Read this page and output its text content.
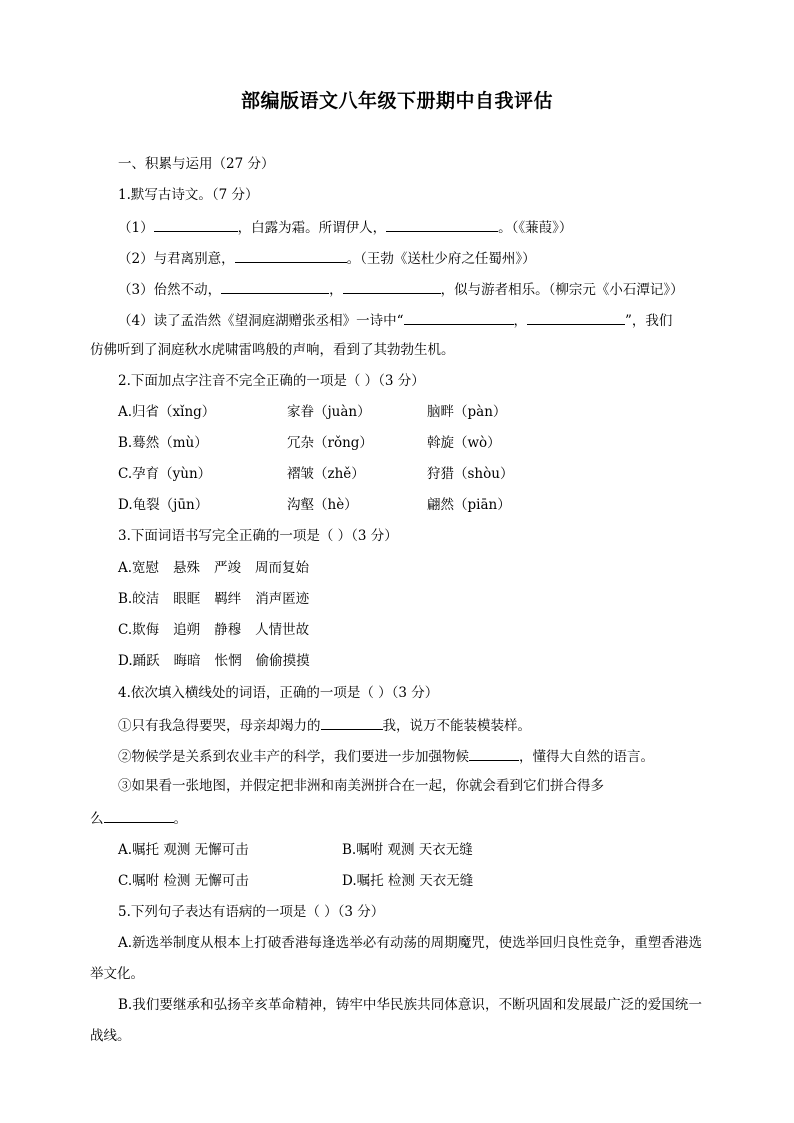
部编版语文八年级下册期中自我评估
一、积累与运用（27 分）
1.默写古诗文。（7 分）
（1）	，白露为霜。所谓伊人，	。（《蒹葭》）
（2）与君离别意，	。（王勃《送杜少府之任蜀州》）
（3）佁然不动，	，	，似与游者相乐。（柳宗元《小石潭记》）
（4）读了孟浩然《望洞庭湖赠张丞相》一诗中“	，	”，我们
仿佛听到了洞庭秋水虎啸雷鸣般的声响，看到了其勃勃生机。
2.下面加点字注音不完全正确的一项是（ ）（3 分）
A.归省（xǐng）	家眷（juàn）	脑畔（pàn）
B.蓦然（mù）	冗杂（rǒng）	斡旋（wò）
C.孕育（yùn）	褶皱（zhě）	狩猎（shòu）
D.龟裂（jūn）	沟壑（hè）	翩然（piān）
3.下面词语书写完全正确的一项是（ ）（3 分）
A.宽慰 悬殊 严竣 周而复始
B.皎洁 眼眶 羁绊 消声匿迹
C.欺侮 追朔 静穆 人情世故
D.踊跃 晦暗 怅惘 偷偷摸摸
4.依次填入横线处的词语，正确的一项是（ ）（3 分）
①只有我急得要哭，母亲却竭力的	我，说万不能装模装样。
②物候学是关系到农业丰产的科学，我们要进一步加强物候	，懂得大自然的语言。
③如果看一张地图，并假定把非洲和南美洲拼合在一起，你就会看到它们拼合得多
么	。
A.嘱托 观测 无懈可击	B.嘱咐 观测 天衣无缝
C.嘱咐 检测 无懈可击	D.嘱托 检测 天衣无缝
5.下列句子表达有语病的一项是（ ）（3 分）
A.新选举制度从根本上打破香港每逢选举必有动荡的周期魔咒，使选举回归良性竞争，重塑香港选举文化。
B.我们要继承和弘扬辛亥革命精神，铸牢中华民族共同体意识，不断巩固和发展最广泛的爱国统一战线。
